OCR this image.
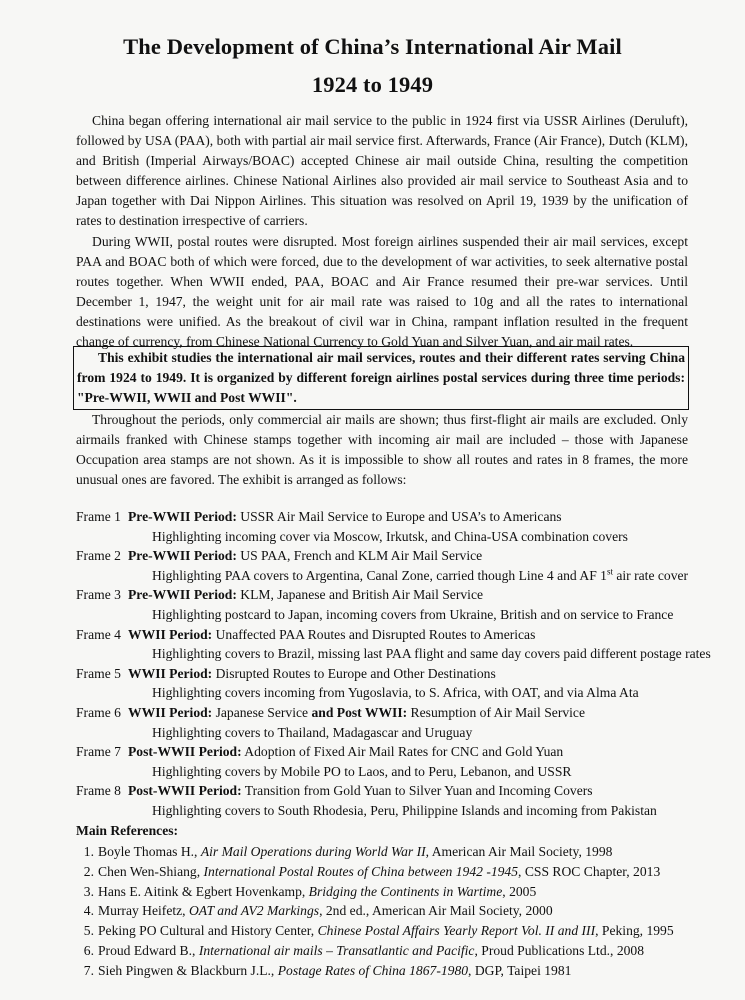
The Development of China’s International Air Mail
1924 to 1949

China began offering international air mail service to the public in 1924 first via USSR Airlines (Deruluft), followed by USA (PAA), both with partial air mail service first. Afterwards, France (Air France), Dutch (KLM), and British (Imperial Airways/BOAC) accepted Chinese air mail outside China, resulting the competition between difference airlines. Chinese National Airlines also provided air mail service to Southeast Asia and to Japan together with Dai Nippon Airlines. This situation was resolved on April 19, 1939 by the unification of rates to destination irrespective of carriers.

During WWII, postal routes were disrupted. Most foreign airlines suspended their air mail services, except PAA and BOAC both of which were forced, due to the development of war activities, to seek alternative postal routes together. When WWII ended, PAA, BOAC and Air France resumed their pre-war services. Until December 1, 1947, the weight unit for air mail rate was raised to 10g and all the rates to international destinations were unified. As the breakout of civil war in China, rampant inflation resulted in the frequent change of currency, from Chinese National Currency to Gold Yuan and Silver Yuan, and air mail rates.

This exhibit studies the international air mail services, routes and their different rates serving China from 1924 to 1949. It is organized by different foreign airlines postal services during three time periods: "Pre-WWII, WWII and Post WWII".

Throughout the periods, only commercial air mails are shown; thus first-flight air mails are excluded. Only airmails franked with Chinese stamps together with incoming air mail are included – those with Japanese Occupation area stamps are not shown. As it is impossible to show all routes and rates in 8 frames, the more unusual ones are favored. The exhibit is arranged as follows:

Frame 1 Pre-WWII Period: USSR Air Mail Service to Europe and USA’s to Americans
Highlighting incoming cover via Moscow, Irkutsk, and China-USA combination covers
Frame 2 Pre-WWII Period: US PAA, French and KLM Air Mail Service
Highlighting PAA covers to Argentina, Canal Zone, carried though Line 4 and AF 1st air rate cover
Frame 3 Pre-WWII Period: KLM, Japanese and British Air Mail Service
Highlighting postcard to Japan, incoming covers from Ukraine, British and on service to France
Frame 4 WWII Period: Unaffected PAA Routes and Disrupted Routes to Americas
Highlighting covers to Brazil, missing last PAA flight and same day covers paid different postage rates
Frame 5 WWII Period: Disrupted Routes to Europe and Other Destinations
Highlighting covers incoming from Yugoslavia, to S. Africa, with OAT, and via Alma Ata
Frame 6 WWII Period: Japanese Service and Post WWII: Resumption of Air Mail Service
Highlighting covers to Thailand, Madagascar and Uruguay
Frame 7 Post-WWII Period: Adoption of Fixed Air Mail Rates for CNC and Gold Yuan
Highlighting covers by Mobile PO to Laos, and to Peru, Lebanon, and USSR
Frame 8 Post-WWII Period: Transition from Gold Yuan to Silver Yuan and Incoming Covers
Highlighting covers to South Rhodesia, Peru, Philippine Islands and incoming from Pakistan
Main References:
1. Boyle Thomas H., Air Mail Operations during World War II, American Air Mail Society, 1998
2. Chen Wen-Shiang, International Postal Routes of China between 1942 -1945, CSS ROC Chapter, 2013
3. Hans E. Aitink & Egbert Hovenkamp, Bridging the Continents in Wartime, 2005
4. Murray Heifetz, OAT and AV2 Markings, 2nd ed., American Air Mail Society, 2000
5. Peking PO Cultural and History Center, Chinese Postal Affairs Yearly Report Vol. II and III, Peking, 1995
6. Proud Edward B., International air mails – Transatlantic and Pacific, Proud Publications Ltd., 2008
7. Sieh Pingwen & Blackburn J.L., Postage Rates of China 1867-1980, DGP, Taipei 1981
